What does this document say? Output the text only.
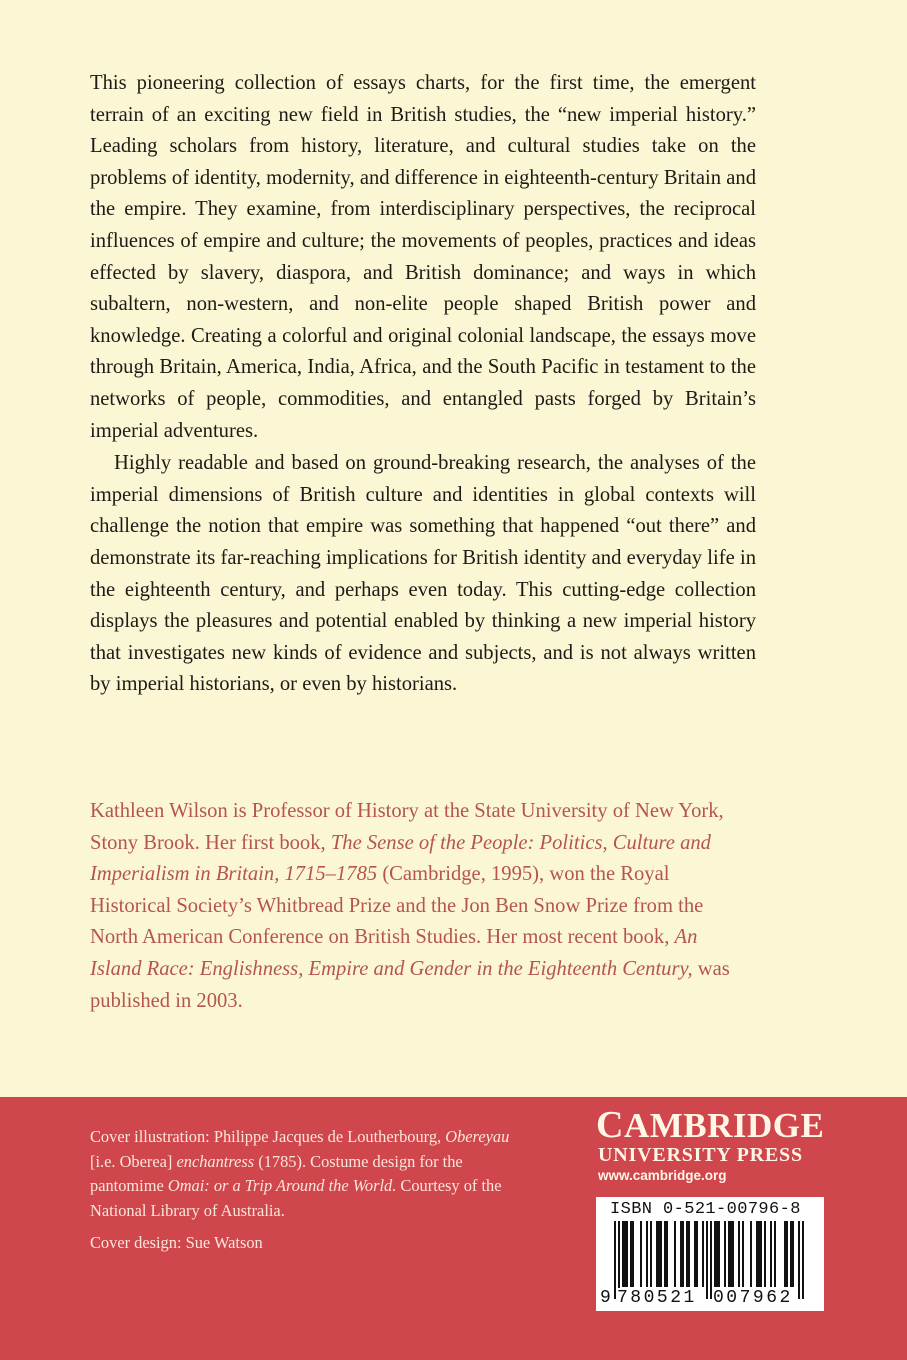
This pioneering collection of essays charts, for the first time, the emergent terrain of an exciting new field in British studies, the “new imperial history.” Leading scholars from history, literature, and cultural studies take on the problems of identity, modernity, and difference in eighteenth-century Britain and the empire. They examine, from interdisciplinary perspectives, the reciprocal influences of empire and culture; the movements of peoples, practices and ideas effected by slavery, diaspora, and British dominance; and ways in which subaltern, non-western, and non-elite people shaped British power and knowledge. Creating a colorful and original colonial landscape, the essays move through Britain, America, India, Africa, and the South Pacific in testament to the networks of people, commodities, and entangled pasts forged by Britain’s imperial adventures.

Highly readable and based on ground-breaking research, the analyses of the imperial dimensions of British culture and identities in global contexts will challenge the notion that empire was something that happened “out there” and demonstrate its far-reaching implications for British identity and everyday life in the eighteenth century, and perhaps even today. This cutting-edge collection displays the pleasures and potential enabled by thinking a new imperial history that investigates new kinds of evidence and subjects, and is not always written by imperial historians, or even by historians.

Kathleen Wilson is Professor of History at the State University of New York, Stony Brook. Her first book, The Sense of the People: Politics, Culture and Imperialism in Britain, 1715–1785 (Cambridge, 1995), won the Royal Historical Society’s Whitbread Prize and the Jon Ben Snow Prize from the North American Conference on British Studies. Her most recent book, An Island Race: Englishness, Empire and Gender in the Eighteenth Century, was published in 2003.

Cover illustration: Philippe Jacques de Loutherbourg, Obereyau [i.e. Oberea] enchantress (1785). Costume design for the pantomime Omai: or a Trip Around the World. Courtesy of the National Library of Australia.

Cover design: Sue Watson

CAMBRIDGE
UNIVERSITY PRESS
www.cambridge.org
ISBN 0-521-00796-8
9 780521 007962
